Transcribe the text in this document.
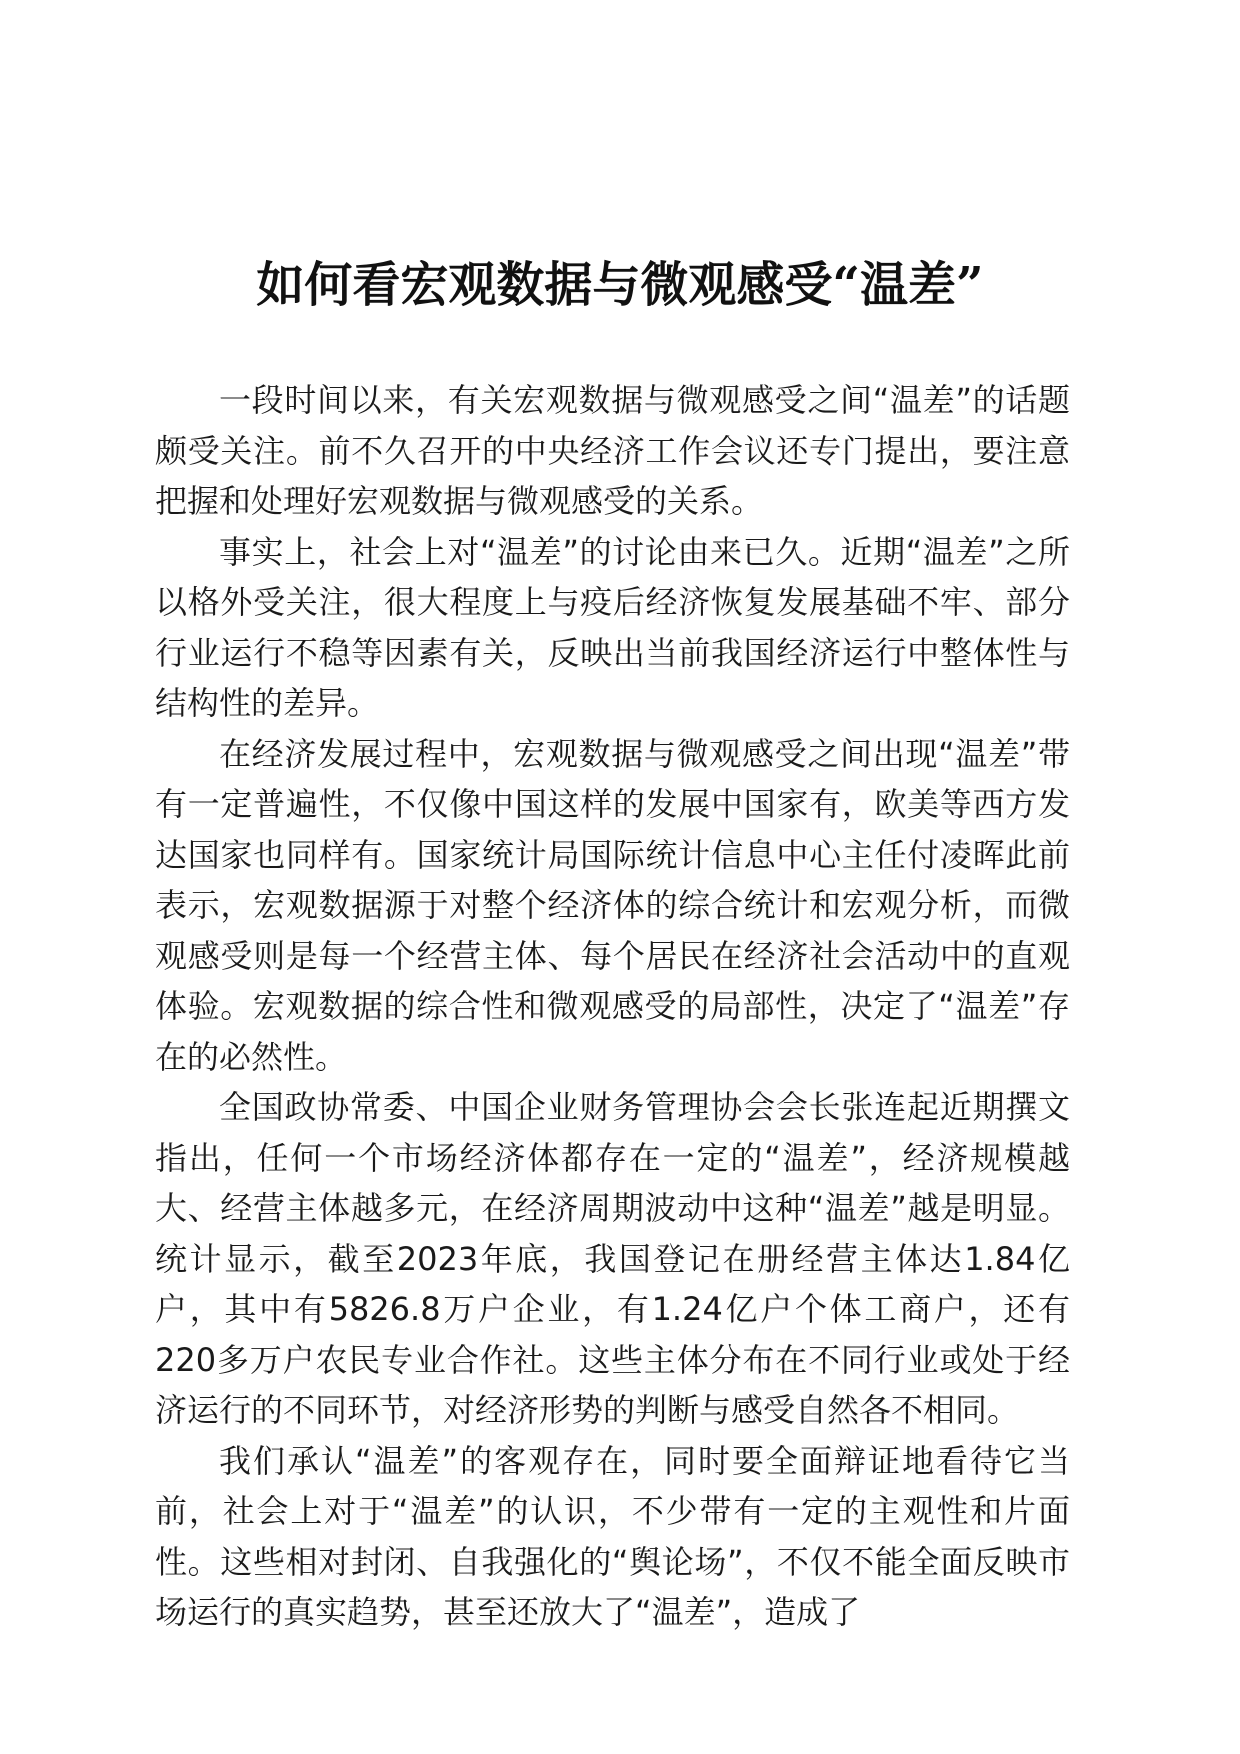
如何看宏观数据与微观感受“温差”

一段时间以来，有关宏观数据与微观感受之间“温差”的话题颇受关注。前不久召开的中央经济工作会议还专门提出，要注意把握和处理好宏观数据与微观感受的关系。

事实上，社会上对“温差”的讨论由来已久。近期“温差”之所以格外受关注，很大程度上与疫后经济恢复发展基础不牢、部分行业运行不稳等因素有关，反映出当前我国经济运行中整体性与结构性的差异。

在经济发展过程中，宏观数据与微观感受之间出现“温差”带有一定普遍性，不仅像中国这样的发展中国家有，欧美等西方发达国家也同样有。国家统计局国际统计信息中心主任付凌晖此前表示，宏观数据源于对整个经济体的综合统计和宏观分析，而微观感受则是每一个经营主体、每个居民在经济社会活动中的直观体验。宏观数据的综合性和微观感受的局部性，决定了“温差”存在的必然性。

全国政协常委、中国企业财务管理协会会长张连起近期撰文指出，任何一个市场经济体都存在一定的“温差”，经济规模越大、经营主体越多元，在经济周期波动中这种“温差”越是明显。统计显示，截至2023年底，我国登记在册经营主体达1.84亿户，其中有5826.8万户企业，有1.24亿户个体工商户，还有220多万户农民专业合作社。这些主体分布在不同行业或处于经济运行的不同环节，对经济形势的判断与感受自然各不相同。

我们承认“温差”的客观存在，同时要全面辩证地看待它当前，社会上对于“温差”的认识，不少带有一定的主观性和片面性。这些相对封闭、自我强化的“舆论场”，不仅不能全面反映市场运行的真实趋势，甚至还放大了“温差”，造成了
